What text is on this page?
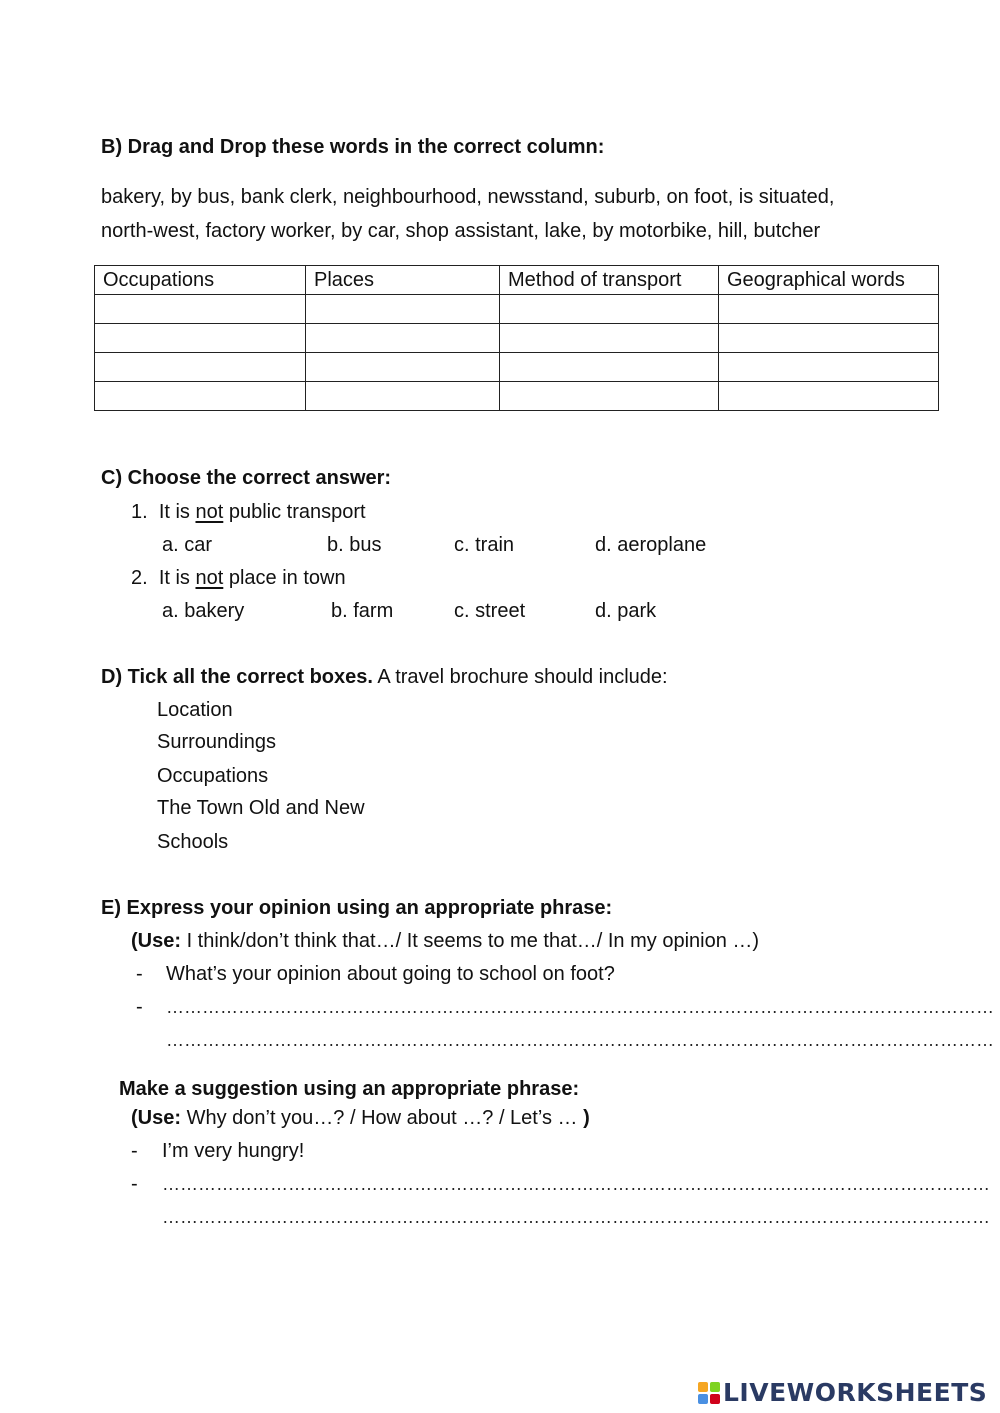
B) Drag and Drop these words in the correct column:
bakery, by bus, bank clerk, neighbourhood, newsstand, suburb, on foot, is situated,
north-west, factory worker, by car, shop assistant, lake, by motorbike, hill, butcher
Occupations	Places	Method of transport	Geographical words

C) Choose the correct answer:
1. It is not public transport
a. car	b. bus	c. train	d. aeroplane
2. It is not place in town
a. bakery	b. farm	c. street	d. park
D) Tick all the correct boxes. A travel brochure should include:
Location
Surroundings
Occupations
The Town Old and New
Schools
E) Express your opinion using an appropriate phrase:
(Use: I think/don’t think that…/ It seems to me that…/ In my opinion …)
- What’s your opinion about going to school on foot?
- …………………………………………………………………………………………………………………………
…………………………………………………………………………………………………………………………
Make a suggestion using an appropriate phrase:
(Use: Why don’t you…? / How about …? / Let’s … )
- I’m very hungry!
- …………………………………………………………………………………………………………………………
…………………………………………………………………………………………………………………………
LIVEWORKSHEETS
